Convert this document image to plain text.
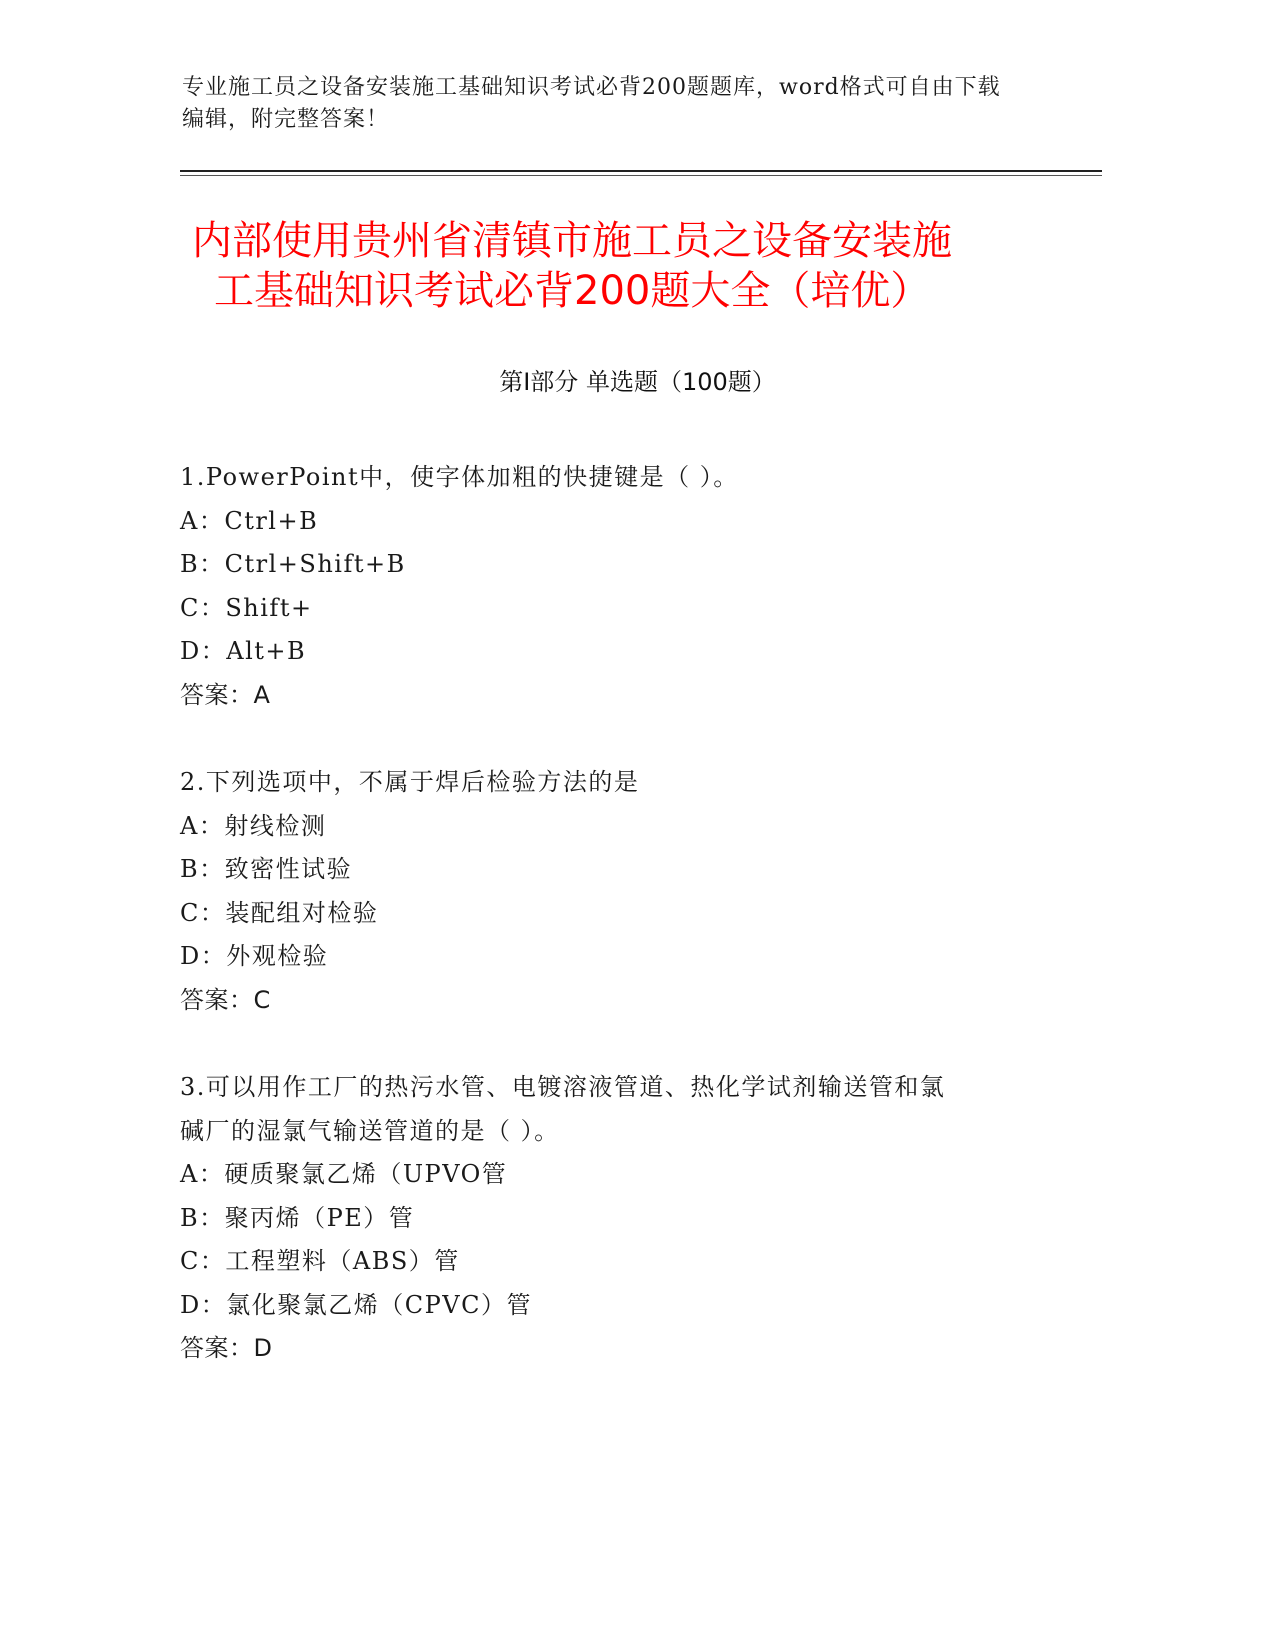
专业施工员之设备安装施工基础知识考试必背200题题库，word格式可自由下载
编辑，附完整答案！
内部使用贵州省清镇市施工员之设备安装施
工基础知识考试必背200题大全（培优）
第Ⅰ部分 单选题（100题）

1.PowerPoint中，使字体加粗的快捷键是（ ）。

A：Ctrl+B

B：Ctrl+Shift+B

C：Shift+

D：Alt+B

答案：A

2.下列选项中，不属于焊后检验方法的是

A：射线检测

B：致密性试验

C：装配组对检验

D：外观检验

答案：C

3.可以用作工厂的热污水管、电镀溶液管道、热化学试剂输送管和氯

碱厂的湿氯气输送管道的是（ ）。

A：硬质聚氯乙烯（UPVO管

B：聚丙烯（PE）管

C：工程塑料（ABS）管

D：氯化聚氯乙烯（CPVC）管

答案：D
